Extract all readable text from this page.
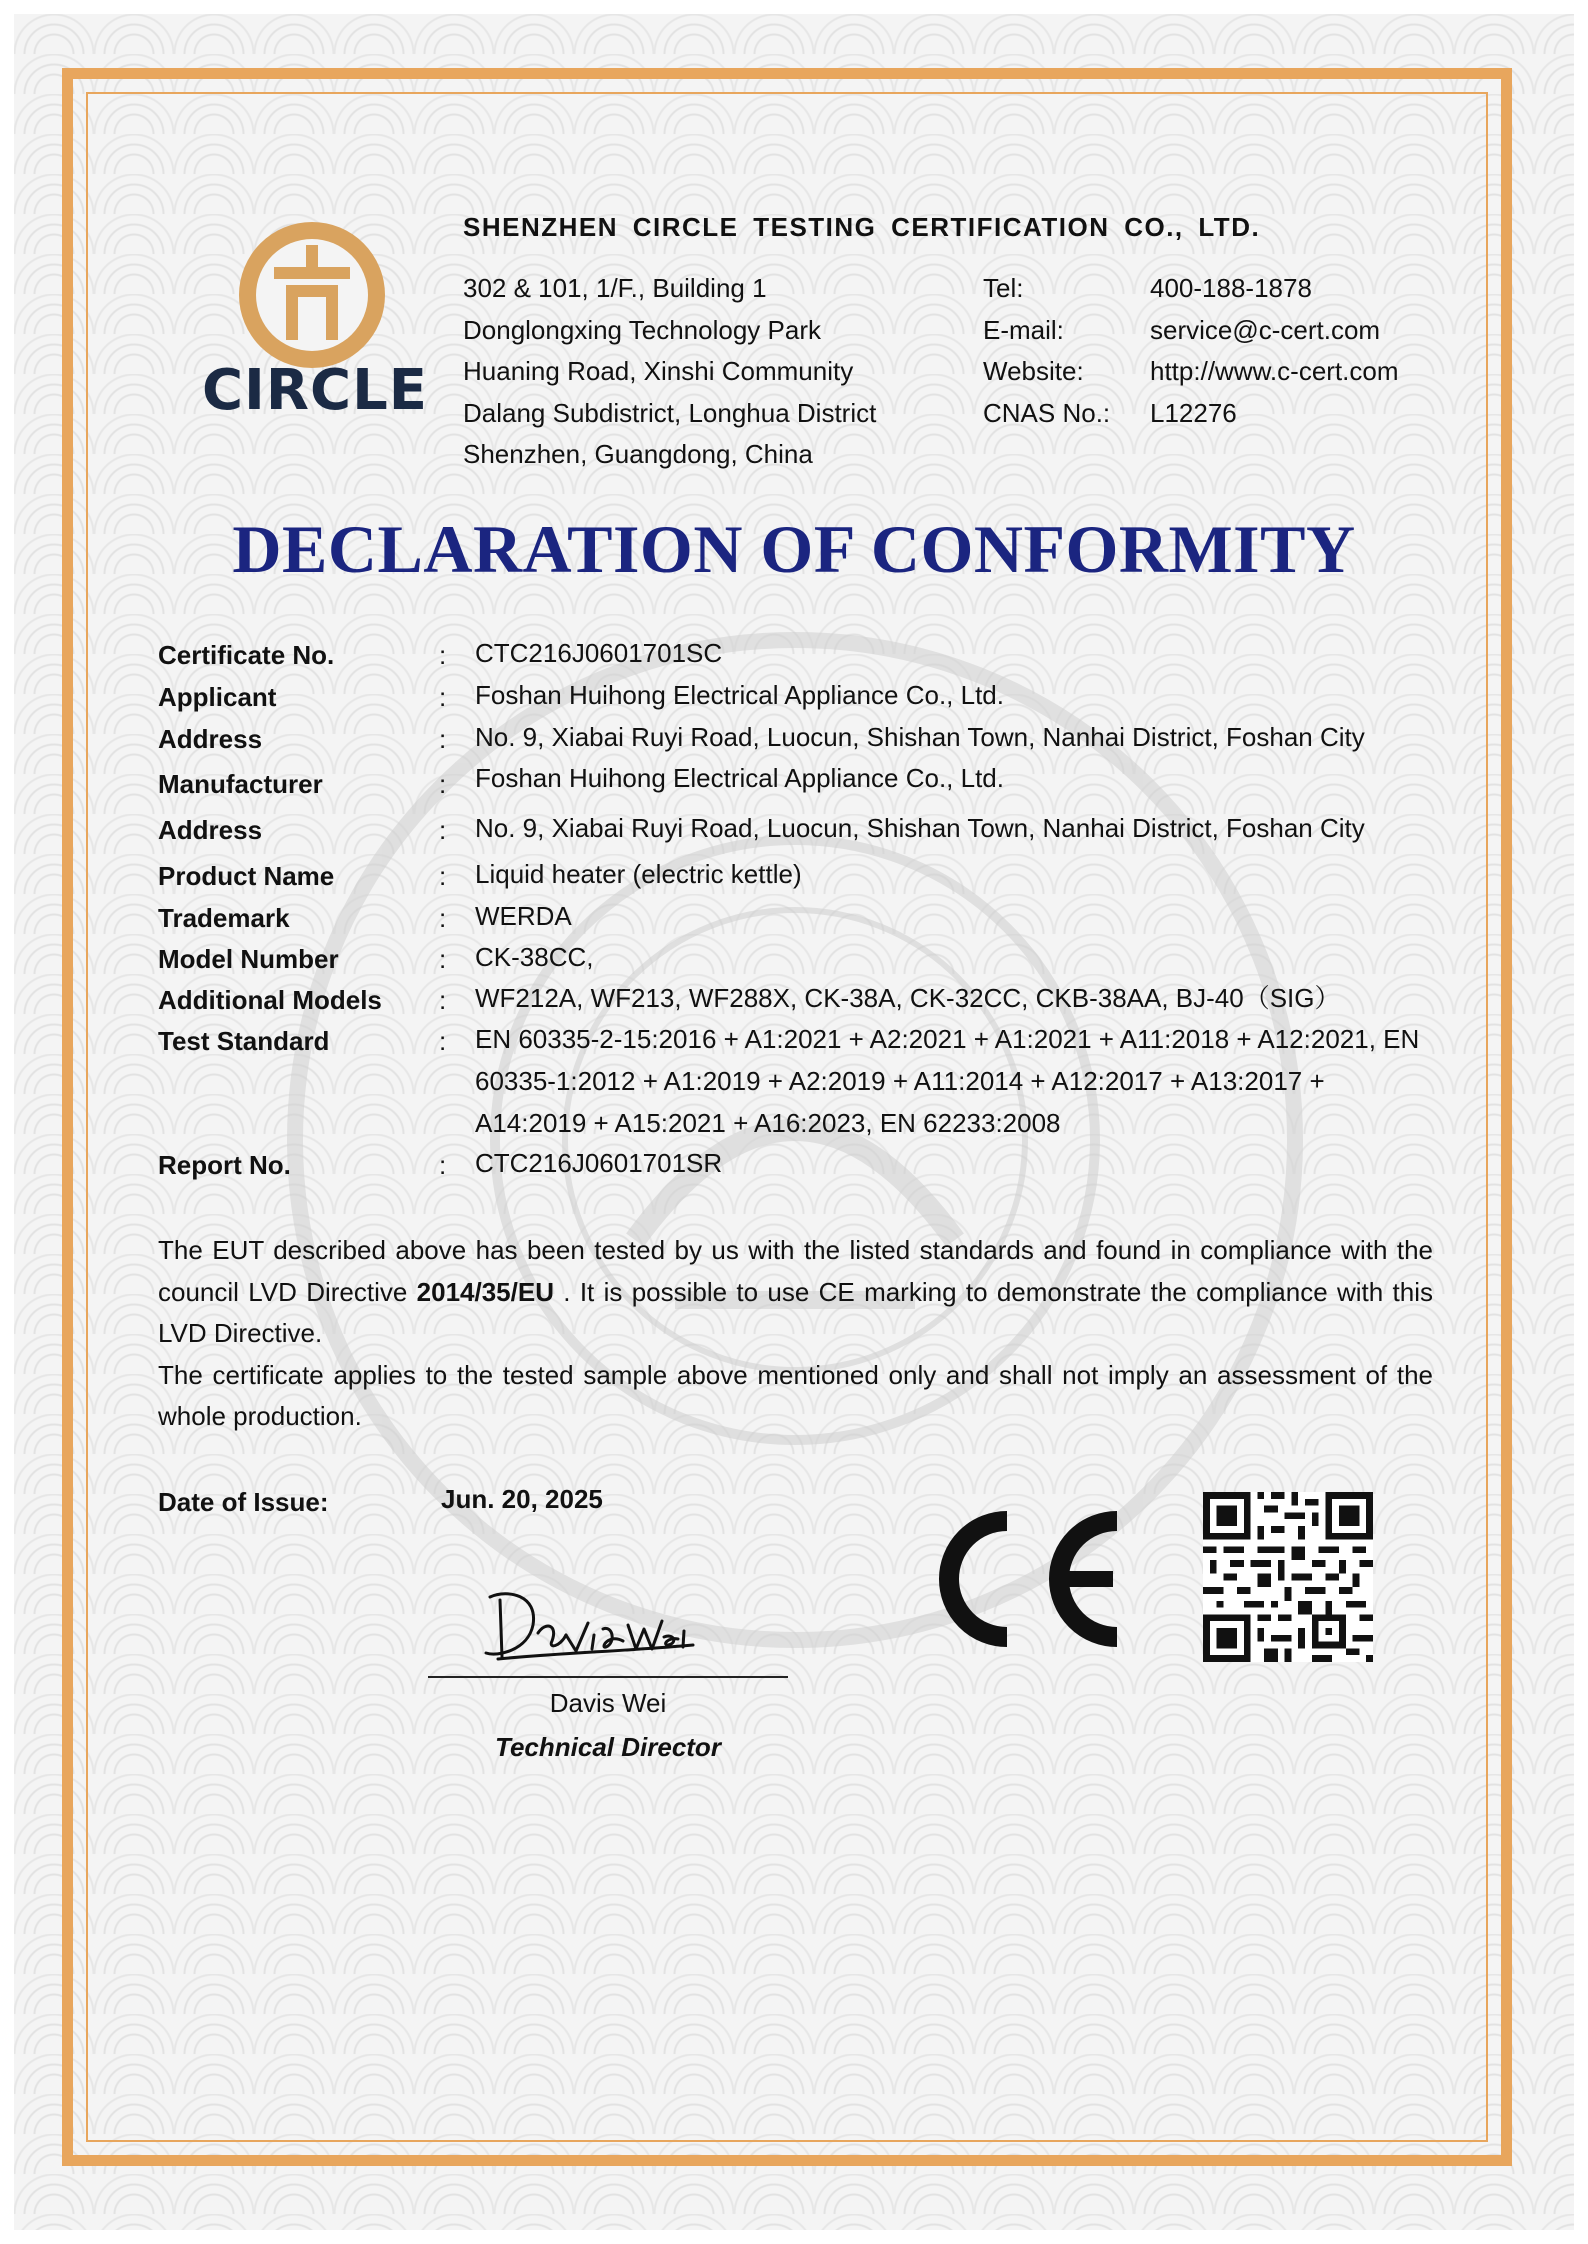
CIRCLE
SHENZHEN CIRCLE TESTING CERTIFICATION CO., LTD.
302 & 101, 1/F., Building 1
Donglongxing Technology Park
Huaning Road, Xinshi Community
Dalang Subdistrict, Longhua District
Shenzhen, Guangdong, China
Tel:	400-188-1878
E-mail:	service@c-cert.com
Website:	http://www.c-cert.com
CNAS No.:	L12276
DECLARATION OF CONFORMITY
Certificate No.	: CTC216J0601701SC
Applicant	: Foshan Huihong Electrical Appliance Co., Ltd.
Address	: No. 9, Xiabai Ruyi Road, Luocun, Shishan Town, Nanhai District, Foshan City
Manufacturer	: Foshan Huihong Electrical Appliance Co., Ltd.
Address	: No. 9, Xiabai Ruyi Road, Luocun, Shishan Town, Nanhai District, Foshan City
Product Name	: Liquid heater (electric kettle)
Trademark	: WERDA
Model Number	: CK-38CC,
Additional Models : WF212A, WF213, WF288X, CK-38A, CK-32CC, CKB-38AA, BJ-40（SIG）
Test Standard	: EN 60335-2-15:2016 + A1:2021 + A2:2021 + A1:2021 + A11:2018 + A12:2021, EN 60335-1:2012 + A1:2019 + A2:2019 + A11:2014 + A12:2017 + A13:2017 + A14:2019 + A15:2021 + A16:2023, EN 62233:2008
Report No.	: CTC216J0601701SR

The EUT described above has been tested by us with the listed standards and found in compliance with the council LVD Directive 2014/35/EU . It is possible to use CE marking to demonstrate the compliance with this LVD Directive.

The certificate applies to the tested sample above mentioned only and shall not imply an assessment of the whole production.

Date of Issue:	Jun. 20, 2025
Davis Wei
Technical Director
